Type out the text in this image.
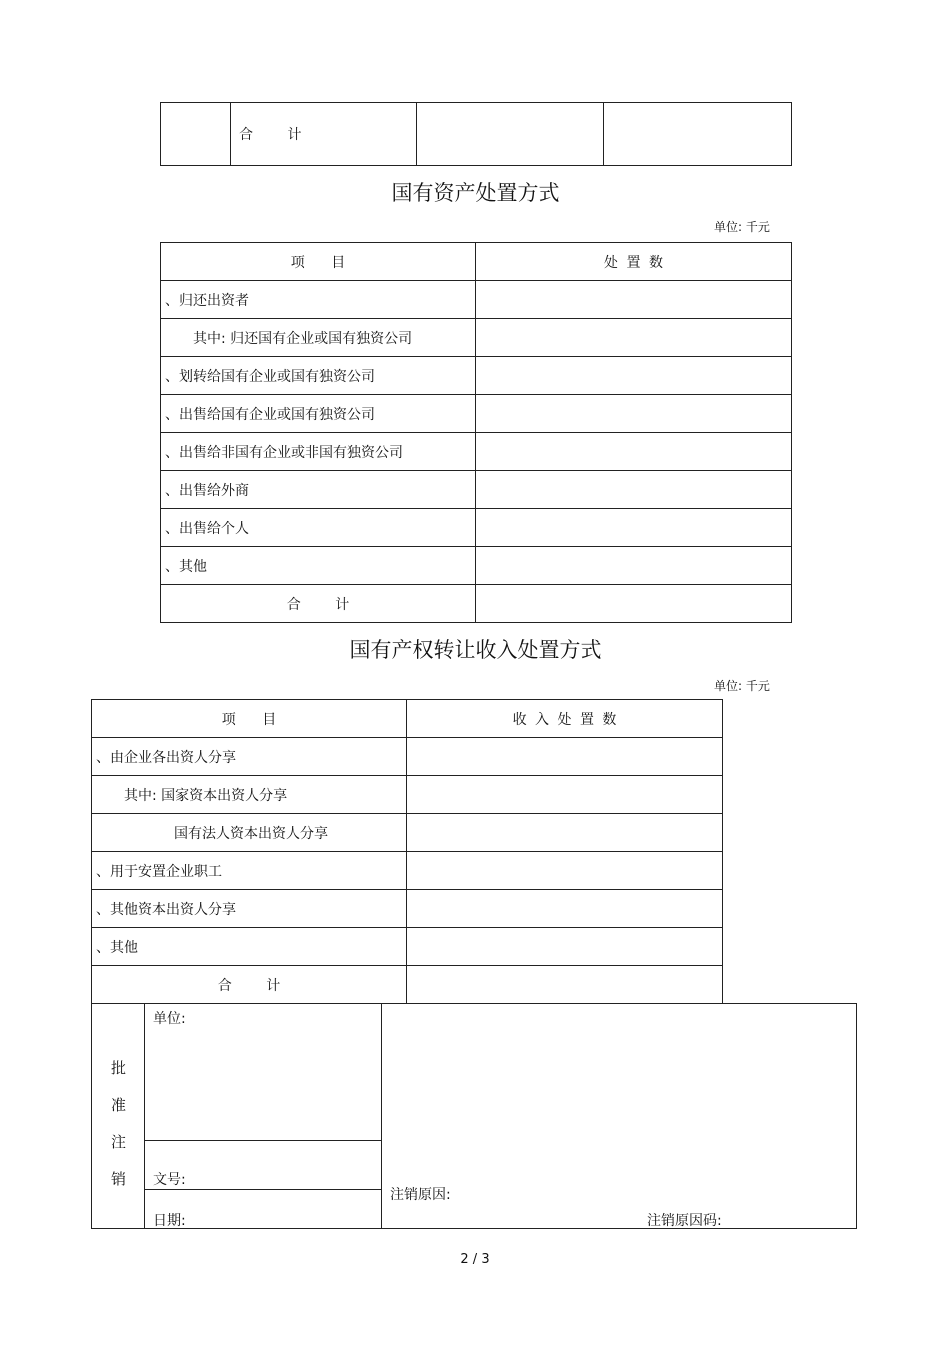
	合 计		
国有资产处置方式
单位: 千元
项 目	处 置 数
、归还出资者	
其中: 归还国有企业或国有独资公司	
、划转给国有企业或国有独资公司	
、出售给国有企业或国有独资公司	
、出售给非国有企业或非国有独资公司	
、出售给外商	
、出售给个人	
、其他	
合 计	
国有产权转让收入处置方式
单位: 千元
项 目	收 入 处 置 数
、由企业各出资人分享	
其中: 国家资本出资人分享	
国有法人资本出资人分享	
、用于安置企业职工	
、其他资本出资人分享	
、其他	
合 计	
批
准
注
销
单位:
文号:
日期:
注销原因:
注销原因码:
2 / 3
